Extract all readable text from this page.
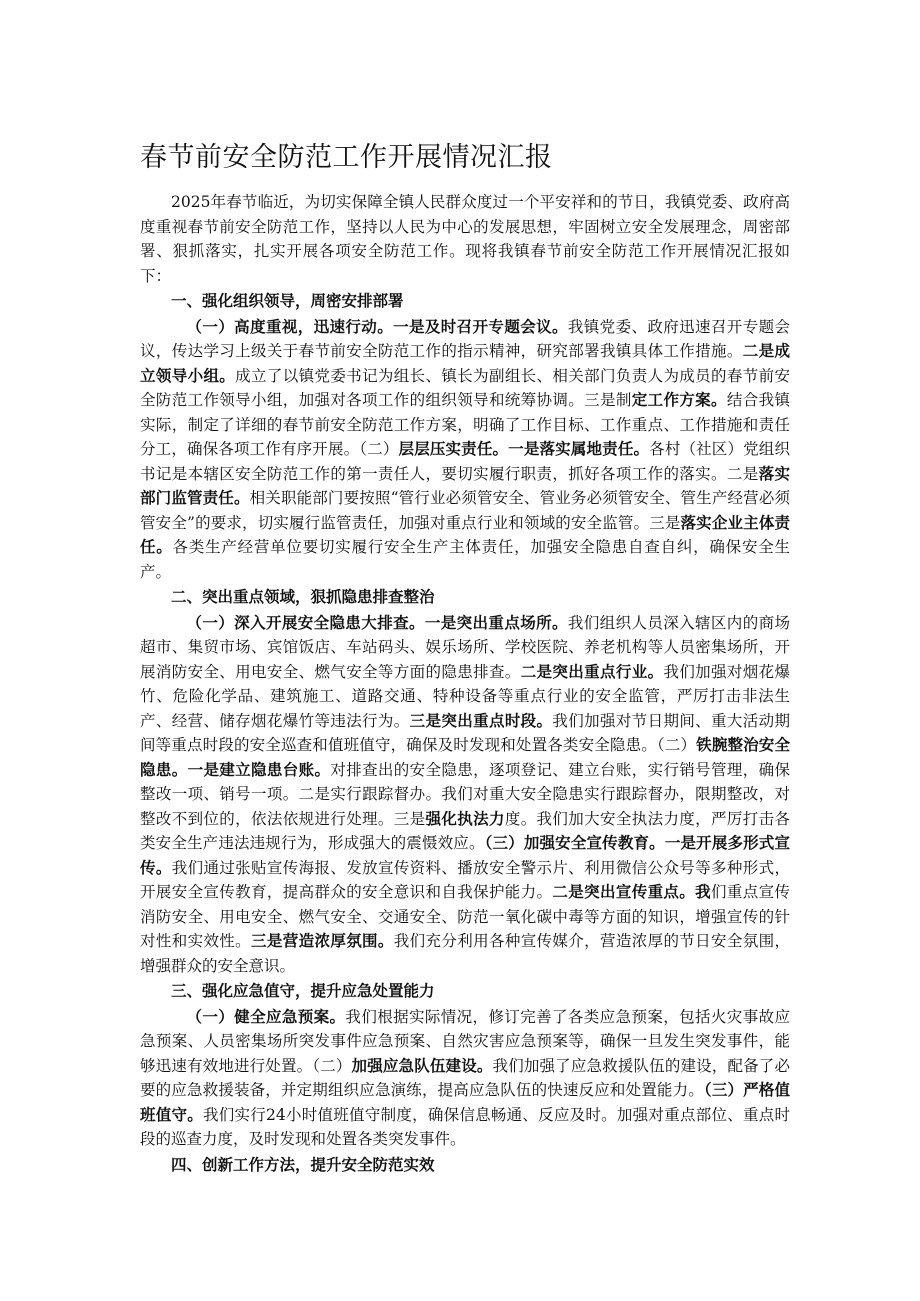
春节前安全防范工作开展情况汇报

2025年春节临近，为切实保障全镇人民群众度过一个平安祥和的节日，我镇党委、政府高度重视春节前安全防范工作，坚持以人民为中心的发展思想，牢固树立安全发展理念，周密部署、狠抓落实，扎实开展各项安全防范工作。现将我镇春节前安全防范工作开展情况汇报如下：

一、强化组织领导，周密安排部署

（一）高度重视，迅速行动。一是及时召开专题会议。我镇党委、政府迅速召开专题会议，传达学习上级关于春节前安全防范工作的指示精神，研究部署我镇具体工作措施。二是成立领导小组。成立了以镇党委书记为组长、镇长为副组长、相关部门负责人为成员的春节前安全防范工作领导小组，加强对各项工作的组织领导和统筹协调。三是制定工作方案。结合我镇实际，制定了详细的春节前安全防范工作方案，明确了工作目标、工作重点、工作措施和责任分工，确保各项工作有序开展。（二）层层压实责任。一是落实属地责任。各村（社区）党组织书记是本辖区安全防范工作的第一责任人，要切实履行职责，抓好各项工作的落实。二是落实部门监管责任。相关职能部门要按照“管行业必须管安全、管业务必须管安全、管生产经营必须管安全”的要求，切实履行监管责任，加强对重点行业和领域的安全监管。三是落实企业主体责任。各类生产经营单位要切实履行安全生产主体责任，加强安全隐患自查自纠，确保安全生产。

二、突出重点领域，狠抓隐患排查整治

（一）深入开展安全隐患大排查。一是突出重点场所。我们组织人员深入辖区内的商场超市、集贸市场、宾馆饭店、车站码头、娱乐场所、学校医院、养老机构等人员密集场所，开展消防安全、用电安全、燃气安全等方面的隐患排查。二是突出重点行业。我们加强对烟花爆竹、危险化学品、建筑施工、道路交通、特种设备等重点行业的安全监管，严厉打击非法生产、经营、储存烟花爆竹等违法行为。三是突出重点时段。我们加强对节日期间、重大活动期间等重点时段的安全巡查和值班值守，确保及时发现和处置各类安全隐患。（二）铁腕整治安全隐患。一是建立隐患台账。对排查出的安全隐患，逐项登记、建立台账，实行销号管理，确保整改一项、销号一项。二是实行跟踪督办。我们对重大安全隐患实行跟踪督办，限期整改，对整改不到位的，依法依规进行处理。三是强化执法力度。我们加大安全执法力度，严厉打击各类安全生产违法违规行为，形成强大的震慑效应。（三）加强安全宣传教育。一是开展多形式宣传。我们通过张贴宣传海报、发放宣传资料、播放安全警示片、利用微信公众号等多种形式，开展安全宣传教育，提高群众的安全意识和自我保护能力。二是突出宣传重点。我们重点宣传消防安全、用电安全、燃气安全、交通安全、防范一氧化碳中毒等方面的知识，增强宣传的针对性和实效性。三是营造浓厚氛围。我们充分利用各种宣传媒介，营造浓厚的节日安全氛围，增强群众的安全意识。

三、强化应急值守，提升应急处置能力

（一）健全应急预案。我们根据实际情况，修订完善了各类应急预案，包括火灾事故应急预案、人员密集场所突发事件应急预案、自然灾害应急预案等，确保一旦发生突发事件，能够迅速有效地进行处置。（二）加强应急队伍建设。我们加强了应急救援队伍的建设，配备了必要的应急救援装备，并定期组织应急演练，提高应急队伍的快速反应和处置能力。（三）严格值班值守。我们实行24小时值班值守制度，确保信息畅通、反应及时。加强对重点部位、重点时段的巡查力度，及时发现和处置各类突发事件。

四、创新工作方法，提升安全防范实效
